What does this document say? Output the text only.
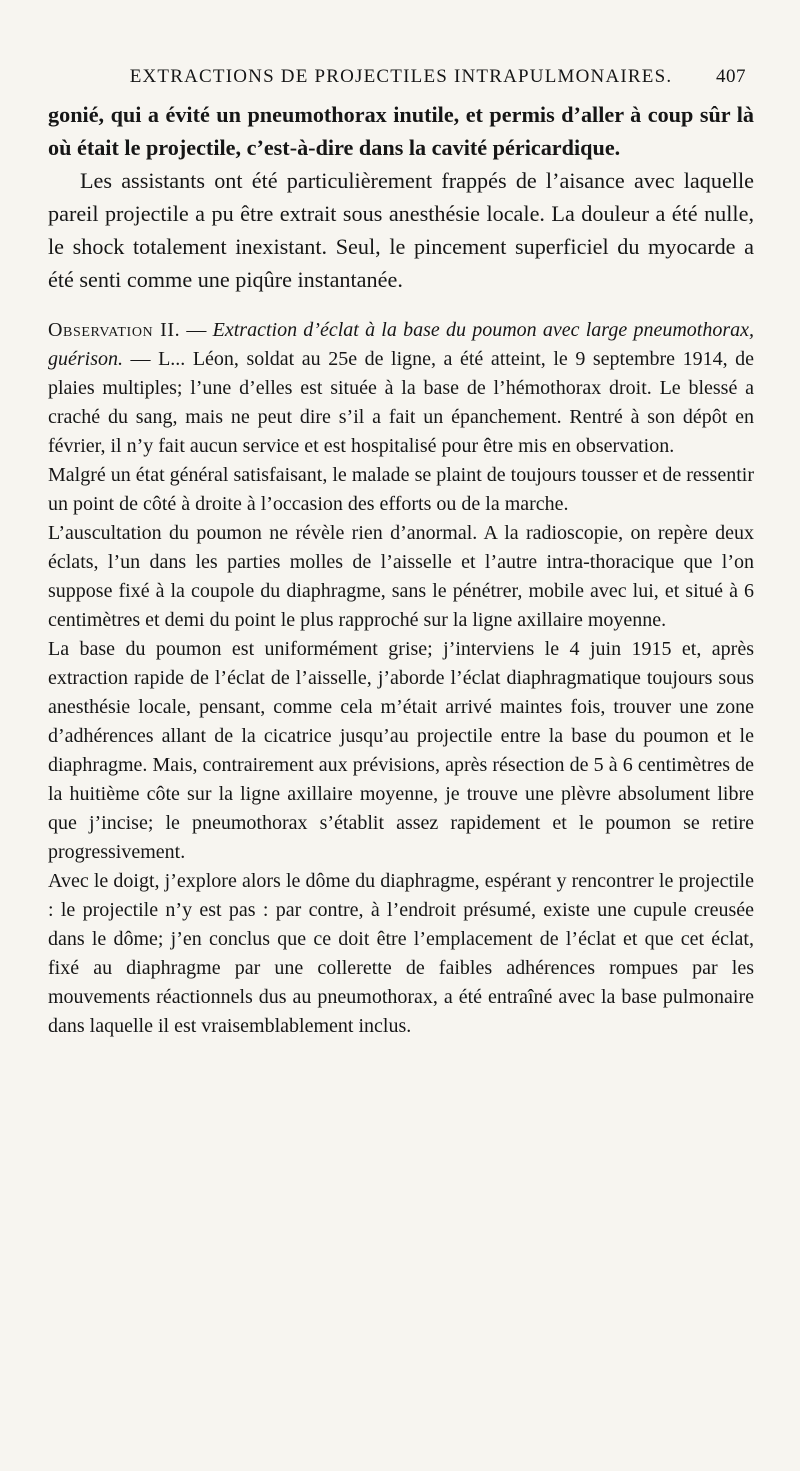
EXTRACTIONS DE PROJECTILES INTRAPULMONAIRES.	407

gonié, qui a évité un pneumothorax inutile, et permis d’aller à coup sûr là où était le projectile, c’est-à-dire dans la cavité péricardique.

Les assistants ont été particulièrement frappés de l’aisance avec laquelle pareil projectile a pu être extrait sous anesthésie locale. La douleur a été nulle, le shock totalement inexistant. Seul, le pincement superficiel du myocarde a été senti comme une piqûre instantanée.

Observation II. — Extraction d’éclat à la base du poumon avec large pneumothorax, guérison. — L... Léon, soldat au 25e de ligne, a été atteint, le 9 septembre 1914, de plaies multiples; l’une d’elles est située à la base de l’hémothorax droit. Le blessé a craché du sang, mais ne peut dire s’il a fait un épanchement. Rentré à son dépôt en février, il n’y fait aucun service et est hospitalisé pour être mis en observation.

Malgré un état général satisfaisant, le malade se plaint de toujours tousser et de ressentir un point de côté à droite à l’occasion des efforts ou de la marche.

L’auscultation du poumon ne révèle rien d’anormal. A la radioscopie, on repère deux éclats, l’un dans les parties molles de l’aisselle et l’autre intra-thoracique que l’on suppose fixé à la coupole du diaphragme, sans le pénétrer, mobile avec lui, et situé à 6 centimètres et demi du point le plus rapproché sur la ligne axillaire moyenne.

La base du poumon est uniformément grise; j’interviens le 4 juin 1915 et, après extraction rapide de l’éclat de l’aisselle, j’aborde l’éclat diaphragmatique toujours sous anesthésie locale, pensant, comme cela m’était arrivé maintes fois, trouver une zone d’adhérences allant de la cicatrice jusqu’au projectile entre la base du poumon et le diaphragme. Mais, contrairement aux prévisions, après résection de 5 à 6 centimètres de la huitième côte sur la ligne axillaire moyenne, je trouve une plèvre absolument libre que j’incise; le pneumothorax s’établit assez rapidement et le poumon se retire progressivement.

Avec le doigt, j’explore alors le dôme du diaphragme, espérant y rencontrer le projectile : le projectile n’y est pas : par contre, à l’endroit présumé, existe une cupule creusée dans le dôme; j’en conclus que ce doit être l’emplacement de l’éclat et que cet éclat, fixé au diaphragme par une collerette de faibles adhérences rompues par les mouvements réactionnels dus au pneumothorax, a été entraîné avec la base pulmonaire dans laquelle il est vraisemblablement inclus.
